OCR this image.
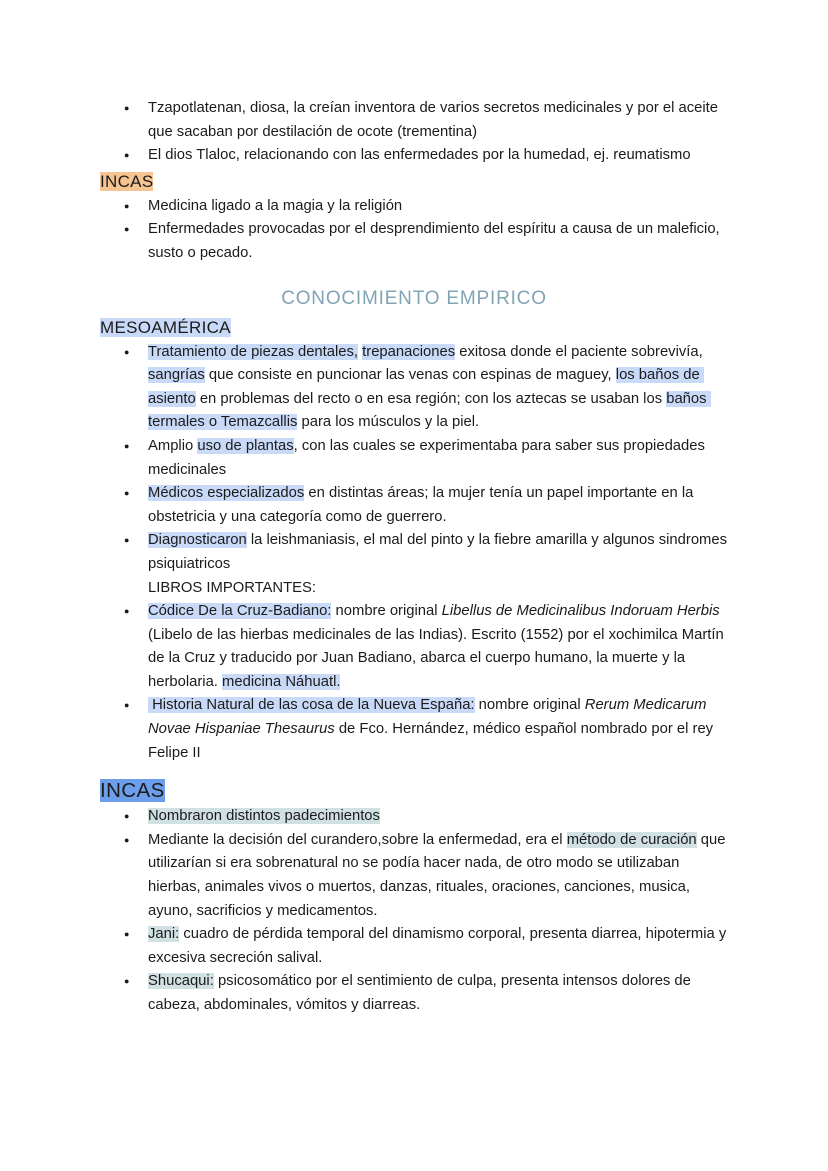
● Tzapotlatenan, diosa, la creían inventora de varios secretos medicinales y por el aceite que sacaban por destilación de ocote (trementina)
● El dios Tlaloc, relacionando con las enfermedades por la humedad, ej. reumatismo
INCAS
● Medicina ligado a la magia y la religión
● Enfermedades provocadas por el desprendimiento del espíritu a causa de un maleficio, susto o pecado.
CONOCIMIENTO EMPIRICO
MESOAMÉRICA
● Tratamiento de piezas dentales, trepanaciones exitosa donde el paciente sobrevivía, sangrías que consiste en puncionar las venas con espinas de maguey, los baños de asiento en problemas del recto o en esa región; con los aztecas se usaban los baños termales o Temazcallis para los músculos y la piel.
● Amplio uso de plantas, con las cuales se experimentaba para saber sus propiedades medicinales
● Médicos especializados en distintas áreas; la mujer tenía un papel importante en la obstetricia y una categoría como de guerrero.
● Diagnosticaron la leishmaniasis, el mal del pinto y la fiebre amarilla y algunos sindromes psiquiatricos
LIBROS IMPORTANTES:
● Códice De la Cruz-Badiano: nombre original Libellus de Medicinalibus Indoruam Herbis (Libelo de las hierbas medicinales de las Indias). Escrito (1552) por el xochimilca Martín de la Cruz y traducido por Juan Badiano, abarca el cuerpo humano, la muerte y la herbolaria. medicina Náhuatl.
● Historia Natural de las cosa de la Nueva España: nombre original Rerum Medicarum Novae Hispaniae Thesaurus de Fco. Hernández, médico español nombrado por el rey Felipe II
INCAS
● Nombraron distintos padecimientos
● Mediante la decisión del curandero,sobre la enfermedad, era el método de curación que utilizarían si era sobrenatural no se podía hacer nada, de otro modo se utilizaban hierbas, animales vivos o muertos, danzas, rituales, oraciones, canciones, musica, ayuno, sacrificios y medicamentos.
● Jani: cuadro de pérdida temporal del dinamismo corporal, presenta diarrea, hipotermia y excesiva secreción salival.
● Shucaqui: psicosomático por el sentimiento de culpa, presenta intensos dolores de cabeza, abdominales, vómitos y diarreas.
